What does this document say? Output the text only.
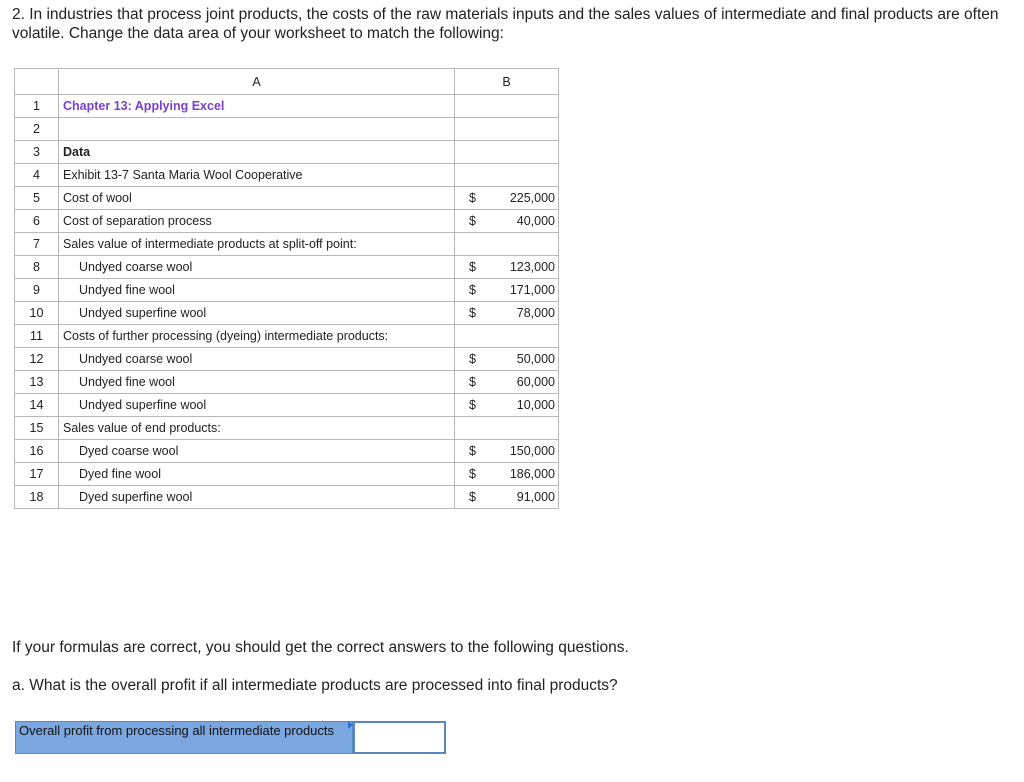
2. In industries that process joint products, the costs of the raw materials inputs and the sales values of intermediate and final products are often volatile. Change the data area of your worksheet to match the following:
	A	B
1	Chapter 13: Applying Excel	

2		

3	Data	

4	Exhibit 13-7 Santa Maria Wool Cooperative	

5	Cost of wool	$ 225,000

6	Cost of separation process	$ 40,000

7	Sales value of intermediate products at split-off point:	

8	Undyed coarse wool	$ 123,000

9	Undyed fine wool	$ 171,000

10	Undyed superfine wool	$ 78,000

11	Costs of further processing (dyeing) intermediate products:	

12	Undyed coarse wool	$ 50,000

13	Undyed fine wool	$ 60,000

14	Undyed superfine wool	$ 10,000

15	Sales value of end products:	

16	Dyed coarse wool	$ 150,000

17	Dyed fine wool	$ 186,000

18	Dyed superfine wool	$ 91,000
If your formulas are correct, you should get the correct answers to the following questions.
a. What is the overall profit if all intermediate products are processed into final products?
Overall profit from processing all intermediate products
